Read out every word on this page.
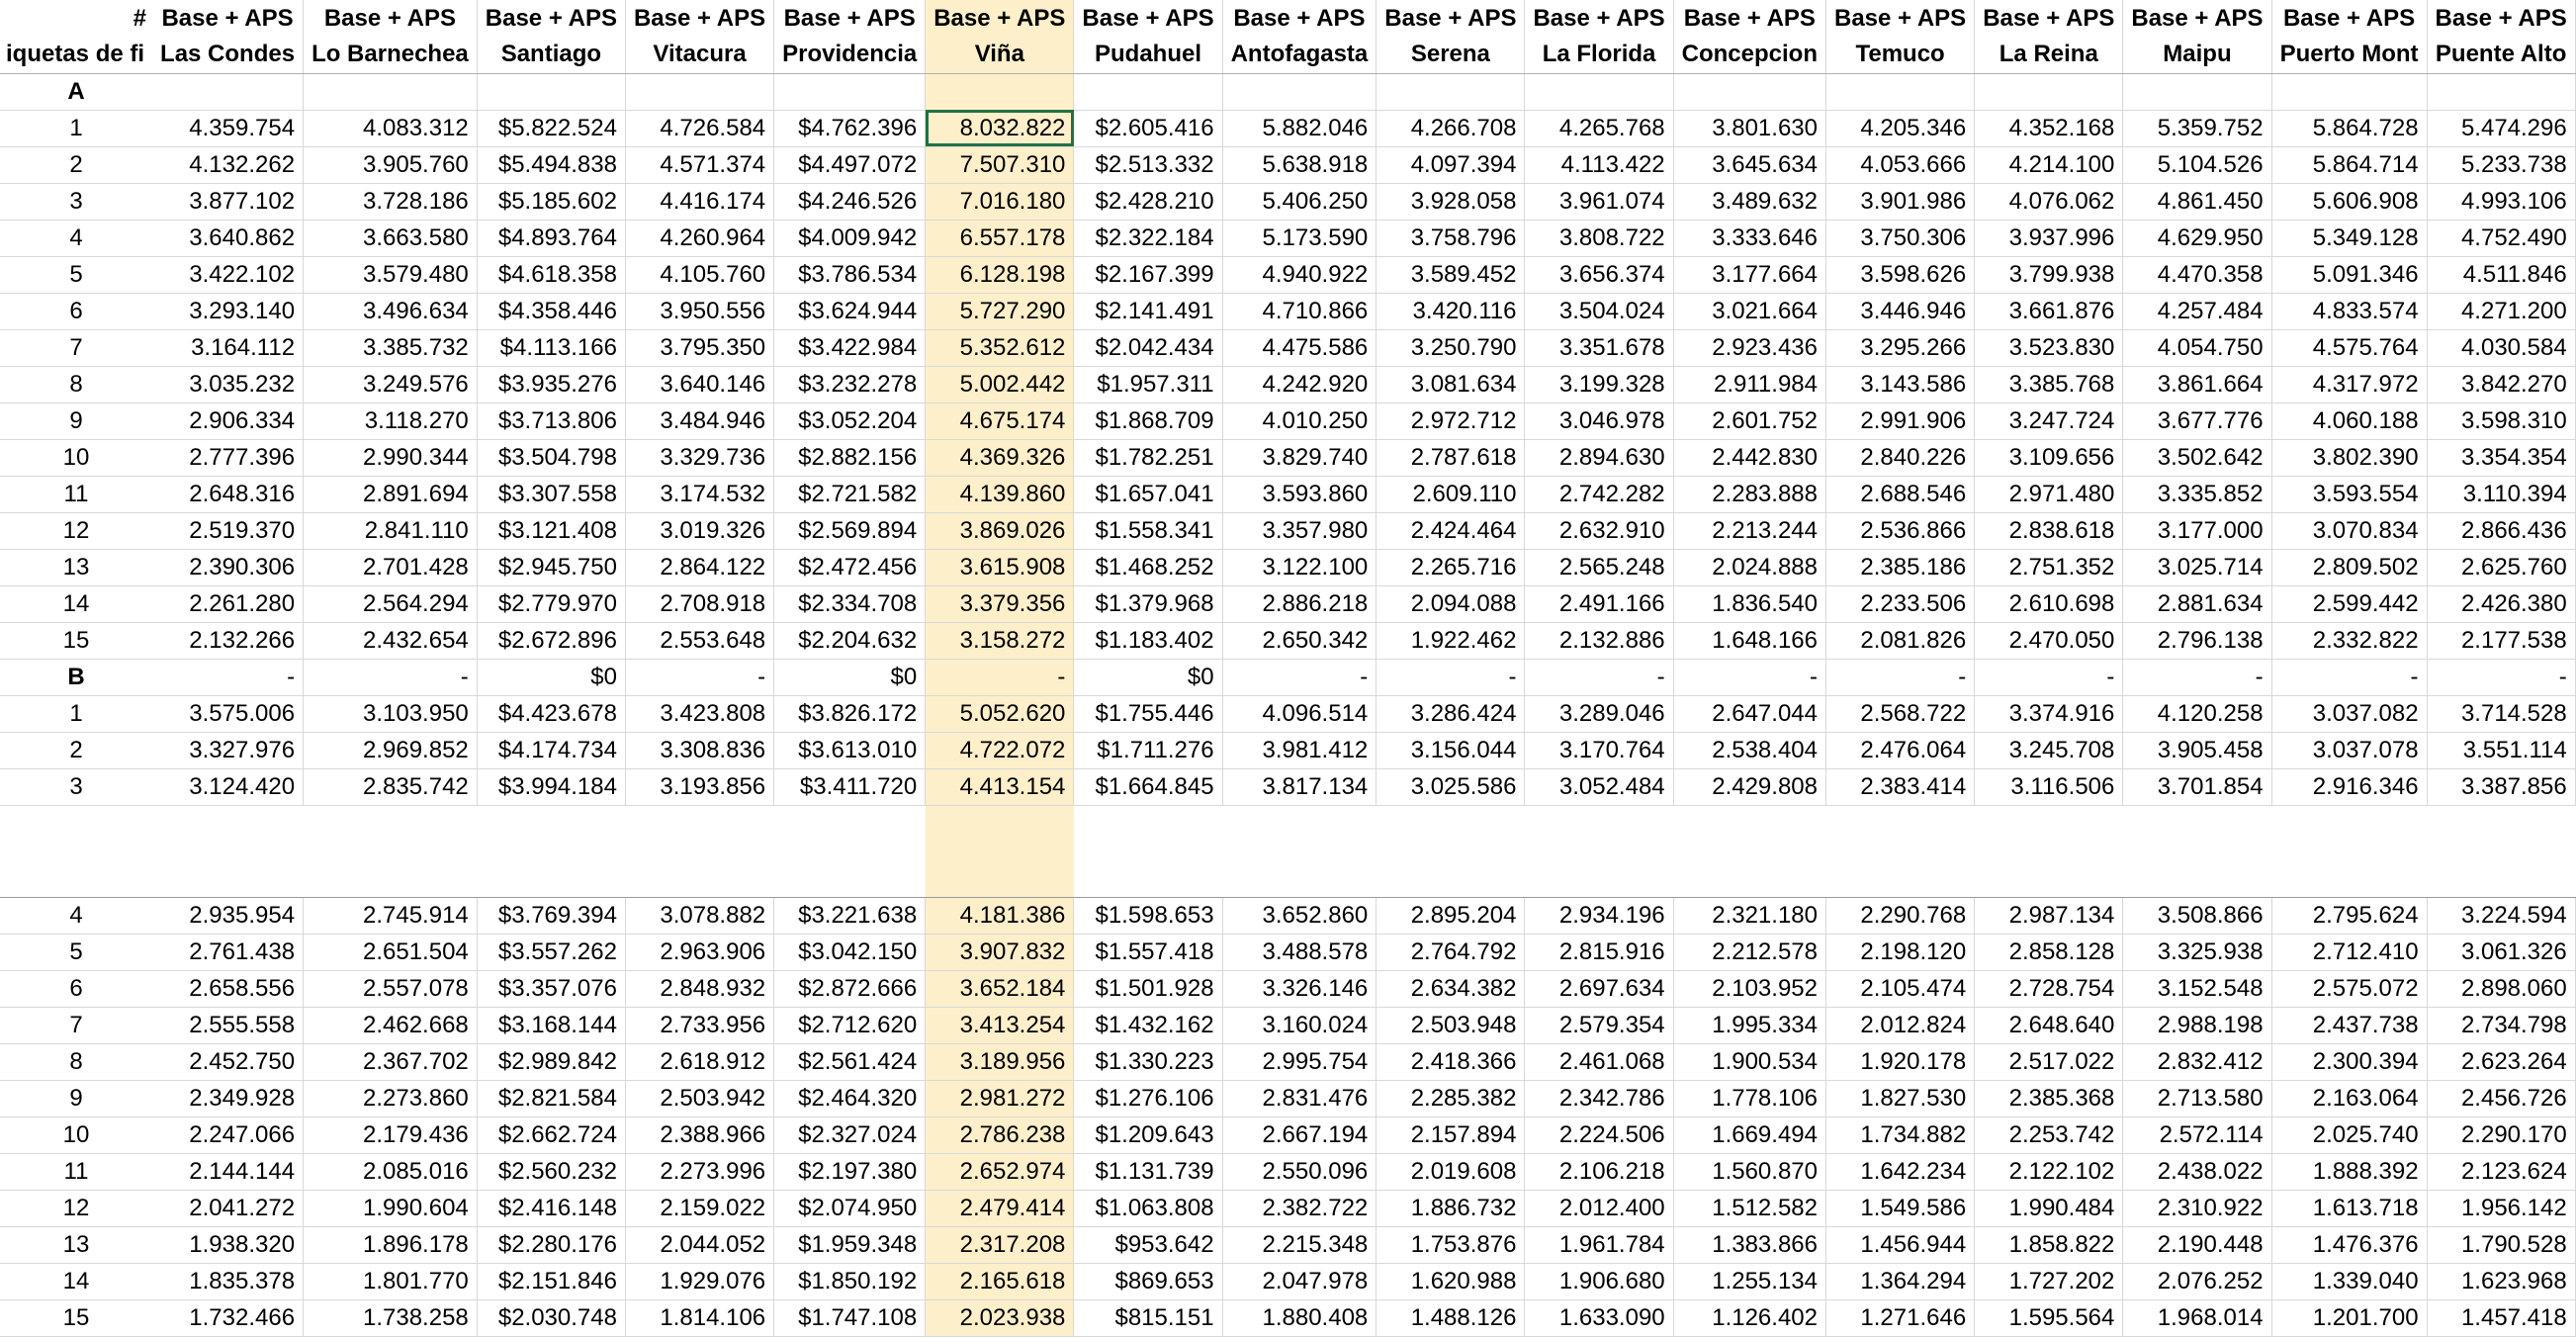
#	Base + APS	Base + APS	Base + APS	Base + APS	Base + APS	Base + APS	Base + APS	Base + APS	Base + APS	Base + APS	Base + APS	Base + APS	Base + APS	Base + APS	Base + APS	Base + APS
iquetas de fi	Las Condes	Lo Barnechea	Santiago	Vitacura	Providencia	Viña	Pudahuel	Antofagasta	Serena	La Florida	Concepcion	Temuco	La Reina	Maipu	Puerto Mont	Puente Alto
A																
1	4.359.754	4.083.312	$5.822.524	4.726.584	$4.762.396	8.032.822	$2.605.416	5.882.046	4.266.708	4.265.768	3.801.630	4.205.346	4.352.168	5.359.752	5.864.728	5.474.296
2	4.132.262	3.905.760	$5.494.838	4.571.374	$4.497.072	7.507.310	$2.513.332	5.638.918	4.097.394	4.113.422	3.645.634	4.053.666	4.214.100	5.104.526	5.864.714	5.233.738
3	3.877.102	3.728.186	$5.185.602	4.416.174	$4.246.526	7.016.180	$2.428.210	5.406.250	3.928.058	3.961.074	3.489.632	3.901.986	4.076.062	4.861.450	5.606.908	4.993.106
4	3.640.862	3.663.580	$4.893.764	4.260.964	$4.009.942	6.557.178	$2.322.184	5.173.590	3.758.796	3.808.722	3.333.646	3.750.306	3.937.996	4.629.950	5.349.128	4.752.490
5	3.422.102	3.579.480	$4.618.358	4.105.760	$3.786.534	6.128.198	$2.167.399	4.940.922	3.589.452	3.656.374	3.177.664	3.598.626	3.799.938	4.470.358	5.091.346	4.511.846
6	3.293.140	3.496.634	$4.358.446	3.950.556	$3.624.944	5.727.290	$2.141.491	4.710.866	3.420.116	3.504.024	3.021.664	3.446.946	3.661.876	4.257.484	4.833.574	4.271.200
7	3.164.112	3.385.732	$4.113.166	3.795.350	$3.422.984	5.352.612	$2.042.434	4.475.586	3.250.790	3.351.678	2.923.436	3.295.266	3.523.830	4.054.750	4.575.764	4.030.584
8	3.035.232	3.249.576	$3.935.276	3.640.146	$3.232.278	5.002.442	$1.957.311	4.242.920	3.081.634	3.199.328	2.911.984	3.143.586	3.385.768	3.861.664	4.317.972	3.842.270
9	2.906.334	3.118.270	$3.713.806	3.484.946	$3.052.204	4.675.174	$1.868.709	4.010.250	2.972.712	3.046.978	2.601.752	2.991.906	3.247.724	3.677.776	4.060.188	3.598.310
10	2.777.396	2.990.344	$3.504.798	3.329.736	$2.882.156	4.369.326	$1.782.251	3.829.740	2.787.618	2.894.630	2.442.830	2.840.226	3.109.656	3.502.642	3.802.390	3.354.354
11	2.648.316	2.891.694	$3.307.558	3.174.532	$2.721.582	4.139.860	$1.657.041	3.593.860	2.609.110	2.742.282	2.283.888	2.688.546	2.971.480	3.335.852	3.593.554	3.110.394
12	2.519.370	2.841.110	$3.121.408	3.019.326	$2.569.894	3.869.026	$1.558.341	3.357.980	2.424.464	2.632.910	2.213.244	2.536.866	2.838.618	3.177.000	3.070.834	2.866.436
13	2.390.306	2.701.428	$2.945.750	2.864.122	$2.472.456	3.615.908	$1.468.252	3.122.100	2.265.716	2.565.248	2.024.888	2.385.186	2.751.352	3.025.714	2.809.502	2.625.760
14	2.261.280	2.564.294	$2.779.970	2.708.918	$2.334.708	3.379.356	$1.379.968	2.886.218	2.094.088	2.491.166	1.836.540	2.233.506	2.610.698	2.881.634	2.599.442	2.426.380
15	2.132.266	2.432.654	$2.672.896	2.553.648	$2.204.632	3.158.272	$1.183.402	2.650.342	1.922.462	2.132.886	1.648.166	2.081.826	2.470.050	2.796.138	2.332.822	2.177.538
B	-	-	$0	-	$0	-	$0	-	-	-	-	-	-	-	-	-
1	3.575.006	3.103.950	$4.423.678	3.423.808	$3.826.172	5.052.620	$1.755.446	4.096.514	3.286.424	3.289.046	2.647.044	2.568.722	3.374.916	4.120.258	3.037.082	3.714.528
2	3.327.976	2.969.852	$4.174.734	3.308.836	$3.613.010	4.722.072	$1.711.276	3.981.412	3.156.044	3.170.764	2.538.404	2.476.064	3.245.708	3.905.458	3.037.078	3.551.114
3	3.124.420	2.835.742	$3.994.184	3.193.856	$3.411.720	4.413.154	$1.664.845	3.817.134	3.025.586	3.052.484	2.429.808	2.383.414	3.116.506	3.701.854	2.916.346	3.387.856

4	2.935.954	2.745.914	$3.769.394	3.078.882	$3.221.638	4.181.386	$1.598.653	3.652.860	2.895.204	2.934.196	2.321.180	2.290.768	2.987.134	3.508.866	2.795.624	3.224.594
5	2.761.438	2.651.504	$3.557.262	2.963.906	$3.042.150	3.907.832	$1.557.418	3.488.578	2.764.792	2.815.916	2.212.578	2.198.120	2.858.128	3.325.938	2.712.410	3.061.326
6	2.658.556	2.557.078	$3.357.076	2.848.932	$2.872.666	3.652.184	$1.501.928	3.326.146	2.634.382	2.697.634	2.103.952	2.105.474	2.728.754	3.152.548	2.575.072	2.898.060
7	2.555.558	2.462.668	$3.168.144	2.733.956	$2.712.620	3.413.254	$1.432.162	3.160.024	2.503.948	2.579.354	1.995.334	2.012.824	2.648.640	2.988.198	2.437.738	2.734.798
8	2.452.750	2.367.702	$2.989.842	2.618.912	$2.561.424	3.189.956	$1.330.223	2.995.754	2.418.366	2.461.068	1.900.534	1.920.178	2.517.022	2.832.412	2.300.394	2.623.264
9	2.349.928	2.273.860	$2.821.584	2.503.942	$2.464.320	2.981.272	$1.276.106	2.831.476	2.285.382	2.342.786	1.778.106	1.827.530	2.385.368	2.713.580	2.163.064	2.456.726
10	2.247.066	2.179.436	$2.662.724	2.388.966	$2.327.024	2.786.238	$1.209.643	2.667.194	2.157.894	2.224.506	1.669.494	1.734.882	2.253.742	2.572.114	2.025.740	2.290.170
11	2.144.144	2.085.016	$2.560.232	2.273.996	$2.197.380	2.652.974	$1.131.739	2.550.096	2.019.608	2.106.218	1.560.870	1.642.234	2.122.102	2.438.022	1.888.392	2.123.624
12	2.041.272	1.990.604	$2.416.148	2.159.022	$2.074.950	2.479.414	$1.063.808	2.382.722	1.886.732	2.012.400	1.512.582	1.549.586	1.990.484	2.310.922	1.613.718	1.956.142
13	1.938.320	1.896.178	$2.280.176	2.044.052	$1.959.348	2.317.208	$953.642	2.215.348	1.753.876	1.961.784	1.383.866	1.456.944	1.858.822	2.190.448	1.476.376	1.790.528
14	1.835.378	1.801.770	$2.151.846	1.929.076	$1.850.192	2.165.618	$869.653	2.047.978	1.620.988	1.906.680	1.255.134	1.364.294	1.727.202	2.076.252	1.339.040	1.623.968
15	1.732.466	1.738.258	$2.030.748	1.814.106	$1.747.108	2.023.938	$815.151	1.880.408	1.488.126	1.633.090	1.126.402	1.271.646	1.595.564	1.968.014	1.201.700	1.457.418
